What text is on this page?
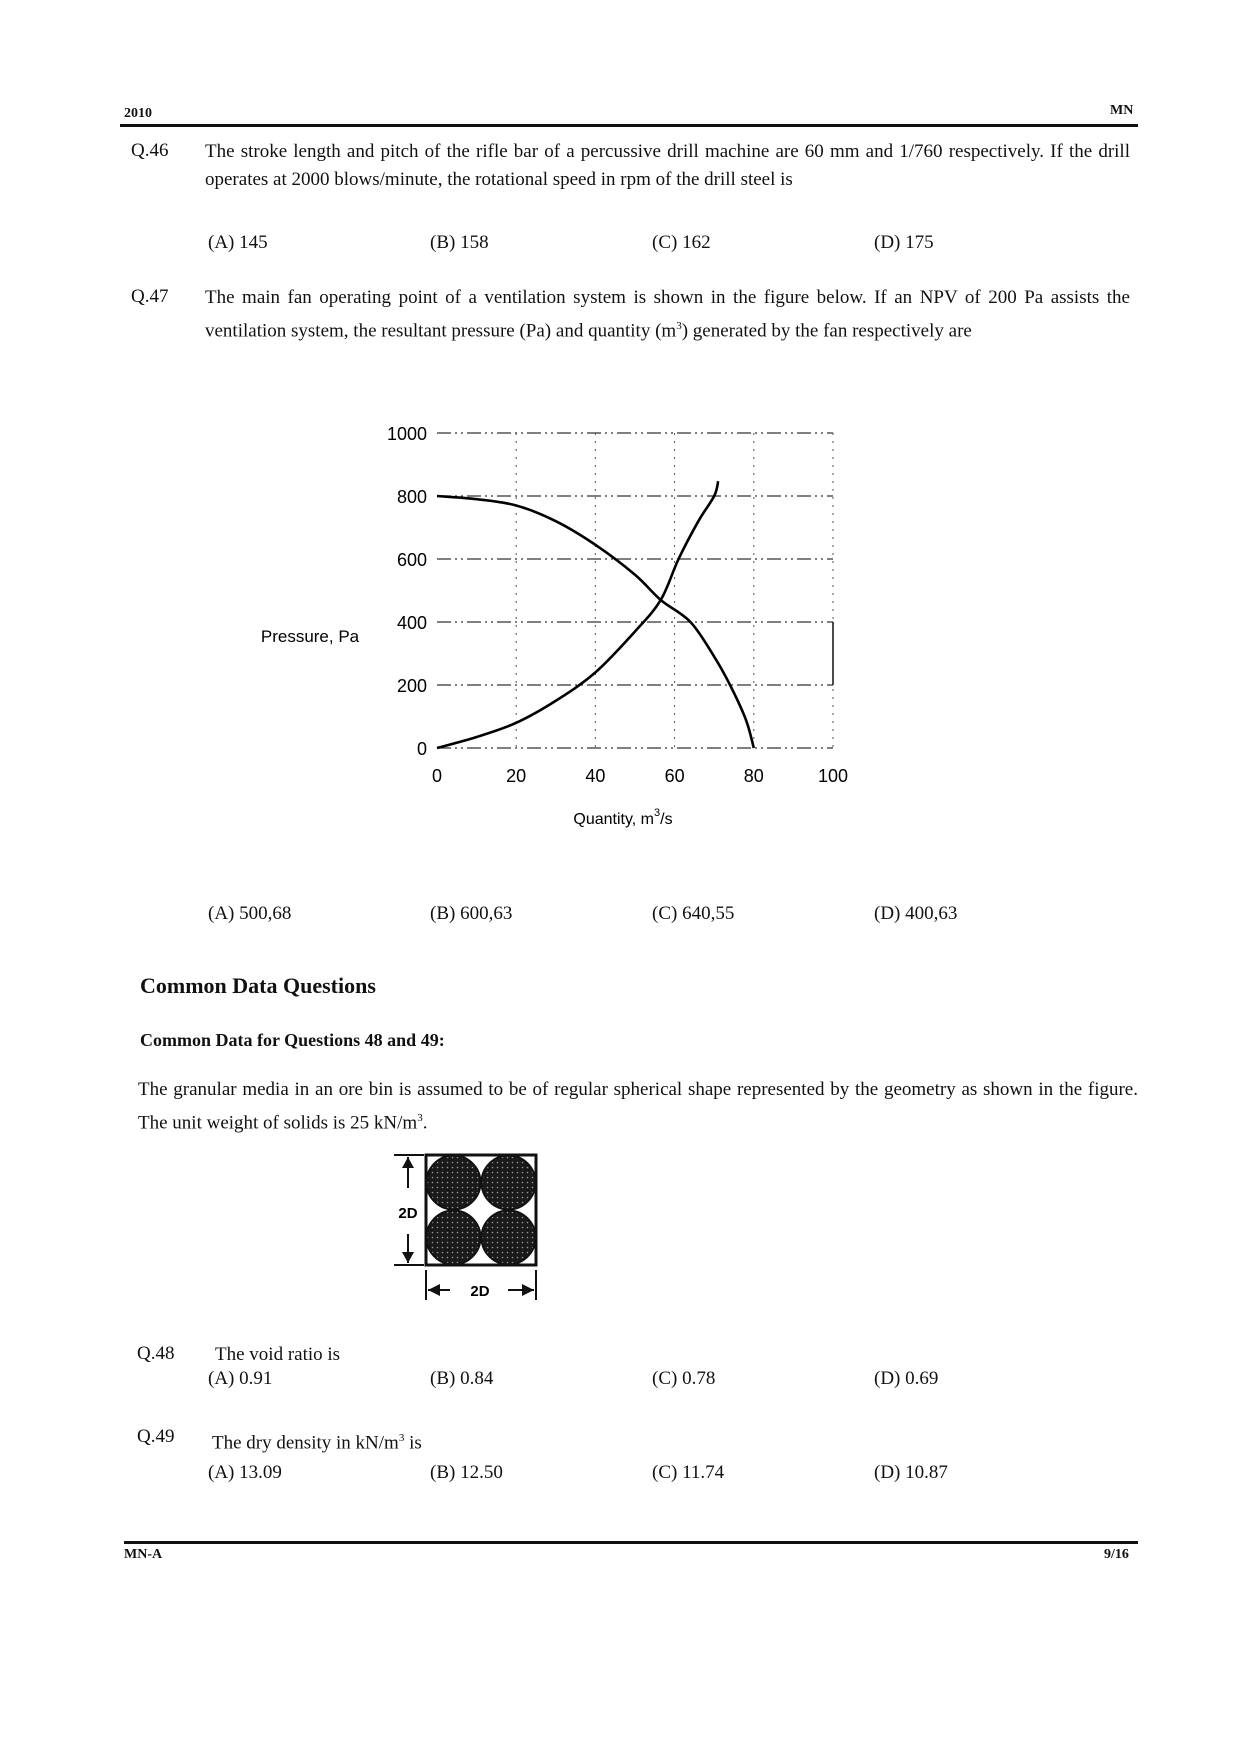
2010	MN
Q.46 The stroke length and pitch of the rifle bar of a percussive drill machine are 60 mm and 1/760 respectively. If the drill operates at 2000 blows/minute, the rotational speed in rpm of the drill steel is
(A) 145	(B) 158	(C) 162	(D) 175
Q.47 The main fan operating point of a ventilation system is shown in the figure below. If an NPV of 200 Pa assists the ventilation system, the resultant pressure (Pa) and quantity $(m^3)$ generated by the fan respectively are
0
200
400
600
800
1000
0	20	40	60	80	100
Pressure, Pa
Quantity, $m^3/s$
(A) 500,68	(B) 600,63	(C) 640,55	(D) 400,63
Common Data Questions
Common Data for Questions 48 and 49:
The granular media in an ore bin is assumed to be of regular spherical shape represented by the geometry as shown in the figure. The unit weight of solids is 25 $kN/m^3$.
2D
2D
Q.48 The void ratio is
(A) 0.91	(B) 0.84	(C) 0.78	(D) 0.69
Q.49 The dry density in $kN/m^3$ is
(A) 13.09	(B) 12.50	(C) 11.74	(D) 10.87
MN-A	9/16
